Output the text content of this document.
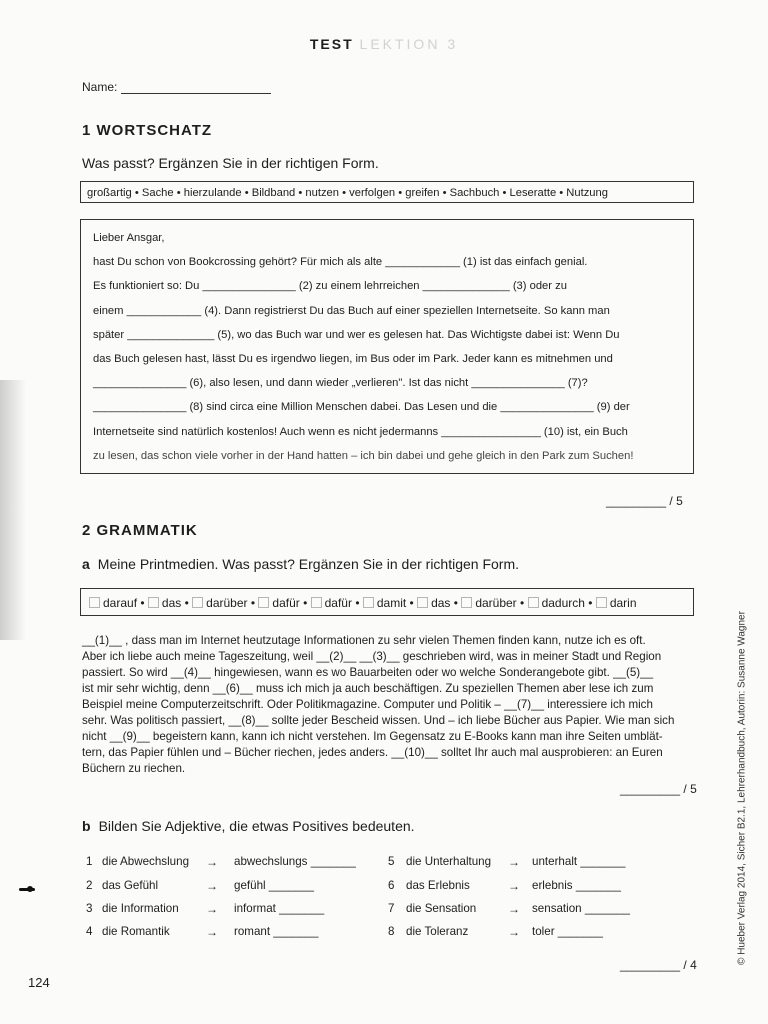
TEST LEKTION 3
Name:
1 WORTSCHATZ
Was passt? Ergänzen Sie in der richtigen Form.
großartig • Sache • hierzulande • Bildband • nutzen • verfolgen • greifen • Sachbuch • Leseratte • Nutzung

Lieber Ansgar,

hast Du schon von Bookcrossing gehört? Für mich als alte ____________ (1) ist das einfach genial.

Es funktioniert so: Du _______________ (2) zu einem lehrreichen ______________ (3) oder zu

einem ____________ (4). Dann registrierst Du das Buch auf einer speziellen Internetseite. So kann man

später ______________ (5), wo das Buch war und wer es gelesen hat. Das Wichtigste dabei ist: Wenn Du

das Buch gelesen hast, lässt Du es irgendwo liegen, im Bus oder im Park. Jeder kann es mitnehmen und

_______________ (6), also lesen, und dann wieder „verlieren". Ist das nicht _______________ (7)?

_______________ (8) sind circa eine Million Menschen dabei. Das Lesen und die _______________ (9) der

Internetseite sind natürlich kostenlos! Auch wenn es nicht jedermanns ________________ (10) ist, ein Buch

zu lesen, das schon viele vorher in der Hand hatten – ich bin dabei und gehe gleich in den Park zum Suchen!

_________ / 5
2 GRAMMATIK
a Meine Printmedien. Was passt? Ergänzen Sie in der richtigen Form.
darauf • das • darüber • dafür • dafür • damit • das • darüber • dadurch • darin

__(1)__ , dass man im Internet heutzutage Informationen zu sehr vielen Themen finden kann, nutze ich es oft.

Aber ich liebe auch meine Tageszeitung, weil __(2)__ __(3)__ geschrieben wird, was in meiner Stadt und Region

passiert. So wird __(4)__ hingewiesen, wann es wo Bauarbeiten oder wo welche Sonderangebote gibt. __(5)__

ist mir sehr wichtig, denn __(6)__ muss ich mich ja auch beschäftigen. Zu speziellen Themen aber lese ich zum

Beispiel meine Computerzeitschrift. Oder Politikmagazine. Computer und Politik – __(7)__ interessiere ich mich

sehr. Was politisch passiert, __(8)__ sollte jeder Bescheid wissen. Und – ich liebe Bücher aus Papier. Wie man sich

nicht __(9)__ begeistern kann, kann ich nicht verstehen. Im Gegensatz zu E-Books kann man ihre Seiten umblät-

tern, das Papier fühlen und – Bücher riechen, jedes anders. __(10)__ solltet Ihr auch mal ausprobieren: an Euren

Büchern zu riechen.

_________ / 5
b Bilden Sie Adjektive, die etwas Positives bedeuten.
1 die Abwechslung → abwechslungs _______	5 die Unterhaltung → unterhalt _______
2 das Gefühl	→ gefühl _______	6 das Erlebnis	→ erlebnis _______
3 die Information → informat _______	7 die Sensation	→ sensation _______
4 die Romantik	→ romant _______	8 die Toleranz	→ toler _______
_________ / 4
© Hueber Verlag 2014, Sicher B2.1, Lehrerhandbuch, Autorin: Susanne Wagner
124
